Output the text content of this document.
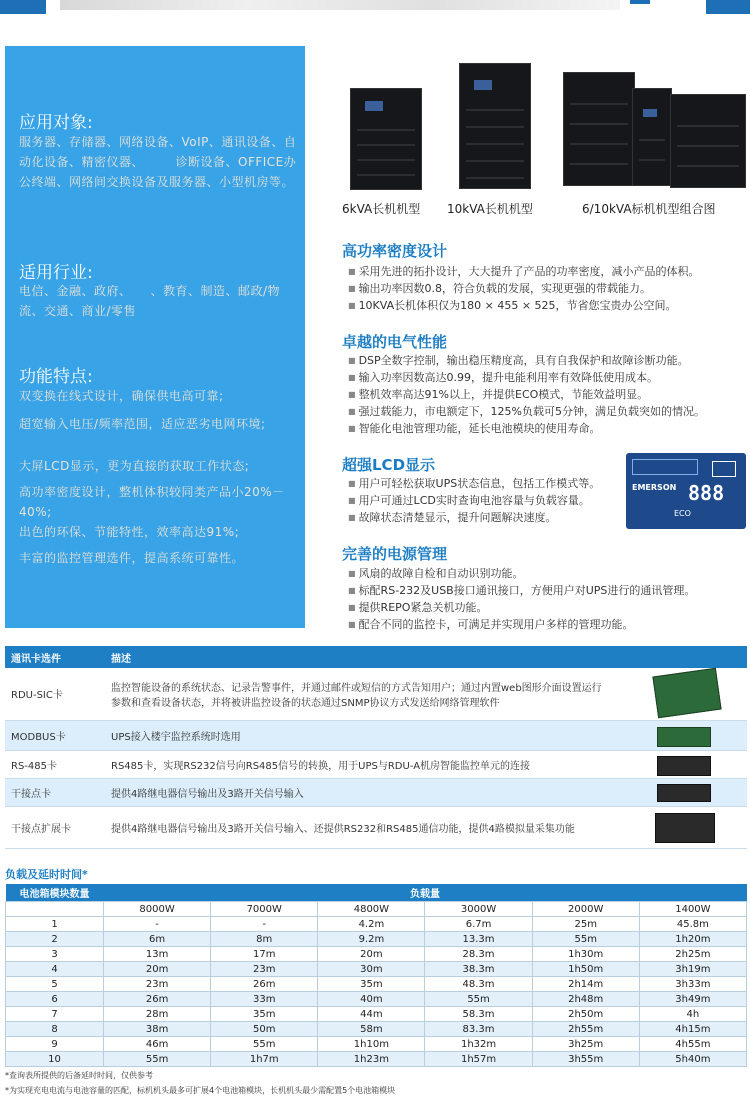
应用对象:
服务器、存储器、网络设备、VoIP、通讯设备、自动化设备、精密仪器、　　　诊断设备、OFFICE办公终端、网络间交换设备及服务器、小型机房等。
适用行业:
电信、金融、政府、　　、教育、制造、邮政/物流、交通、商业/零售
功能特点:
双变换在线式设计，确保供电高可靠;
超宽输入电压/频率范围，适应恶劣电网环境;
大屏LCD显示，更为直接的获取工作状态;
高功率密度设计，整机体积较同类产品小20%－40%;
出色的环保、节能特性，效率高达91%;
丰富的监控管理选件，提高系统可靠性。
6kVA长机机型 10kVA长机机型	6/10kVA标机机型组合图
高功率密度设计
■ 采用先进的拓扑设计，大大提升了产品的功率密度，减小产品的体积。
■ 输出功率因数0.8，符合负载的发展，实现更强的带载能力。
■ 10KVA长机体积仅为180 × 455 × 525，节省您宝贵办公空间。
卓越的电气性能
■ DSP全数字控制，输出稳压精度高，具有自我保护和故障诊断功能。
■ 输入功率因数高达0.99，提升电能利用率有效降低使用成本。
■ 整机效率高达91%以上，并提供ECO模式，节能效益明显。
■ 强过载能力，市电额定下，125%负载可5分钟，满足负载突如的情况。
■ 智能化电池管理功能，延长电池模块的使用寿命。
超强LCD显示
■ 用户可轻松获取UPS状态信息，包括工作模式等。
■ 用户可通过LCD实时查询电池容量与负载容量。
■ 故障状态清楚显示，提升问题解决速度。
EMERSON 888
ECO
完善的电源管理
■ 风扇的故障自检和自动识别功能。
■ 标配RS-232及USB接口通讯接口，方便用户对UPS进行的通讯管理。
■ 提供REPO紧急关机功能。
■ 配合不同的监控卡，可满足并实现用户多样的管理功能。
通讯卡选件	描述	
RDU-SIC卡	监控智能设备的系统状态、记录告警事件，并通过邮件或短信的方式告知用户；通过内置web图形介面设置运行参数和查看设备状态，并将被讲监控设备的状态通过SNMP协议方式发送给网络管理软件	

MODBUS卡	UPS接入楼宇监控系统时选用	

RS-485卡	RS485卡，实现RS232信号向RS485信号的转换，用于UPS与RDU-A机房智能监控单元的连接	

干接点卡	提供4路继电器信号输出及3路开关信号输入	

干接点扩展卡	提供4路继电器信号输出及3路开关信号输入、还提供RS232和RS485通信功能，提供4路模拟量采集功能	
负载及延时时间*
电池箱模块数量	负载量					
	8000W	7000W	4800W	3000W	2000W	1400W
1	-	-	4.2m	6.7m	25m	45.8m
2	6m	8m	9.2m	13.3m	55m	1h20m
3	13m	17m	20m	28.3m	1h30m	2h25m
4	20m	23m	30m	38.3m	1h50m	3h19m
5	23m	26m	35m	48.3m	2h14m	3h33m
6	26m	33m	40m	55m	2h48m	3h49m
7	28m	35m	44m	58.3m	2h50m	4h
8	38m	50m	58m	83.3m	2h55m	4h15m
9	46m	55m	1h10m	1h32m	3h25m	4h55m
10	55m	1h7m	1h23m	1h57m	3h55m	5h40m
*查询表所提供的后备延时时间，仅供参考
*为实现充电电流与电池容量的匹配，标机机头最多可扩展4个电池箱模块，长机机头最少需配置5个电池箱模块
